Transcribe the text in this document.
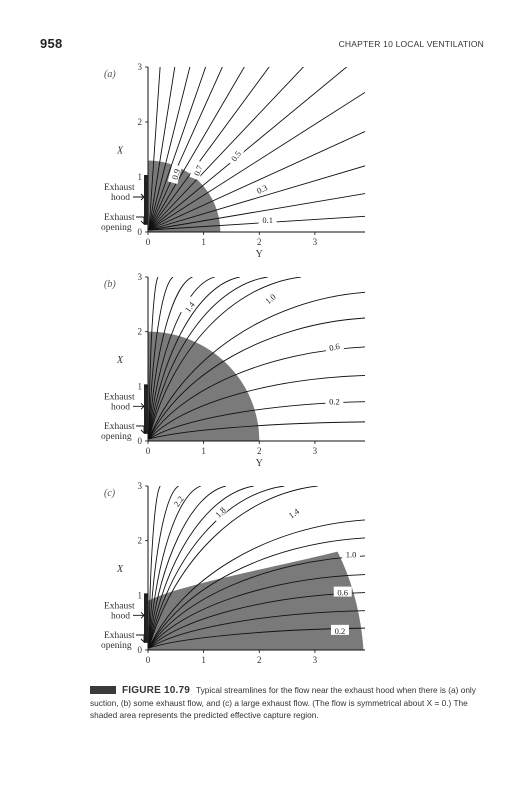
958	CHAPTER 10 LOCAL VENTILATION
0.9 0.7
0.5
0.3
0.1
0
1
2
3
0	1	2	3
X
Y
(a)
Exhaust
hood
Exhaust
opening
1.4
1.0
0.6
0.2
0
1
2
3
0	1	2	3
X
Y
(b)
Exhaust
hood
Exhaust
opening
2.2
1.8	1.4
1.0
0.6
0.2
0
1
2
3
0	1	2	3
X
(c)
Exhaust
hood
Exhaust
opening
FIGURE 10.79 Typical streamlines for the flow near the exhaust hood when there is (a) only suction, (b) some exhaust flow, and (c) a large exhaust flow. (The flow is symmetrical about X = 0.) The shaded area represents the predicted effective capture region.
